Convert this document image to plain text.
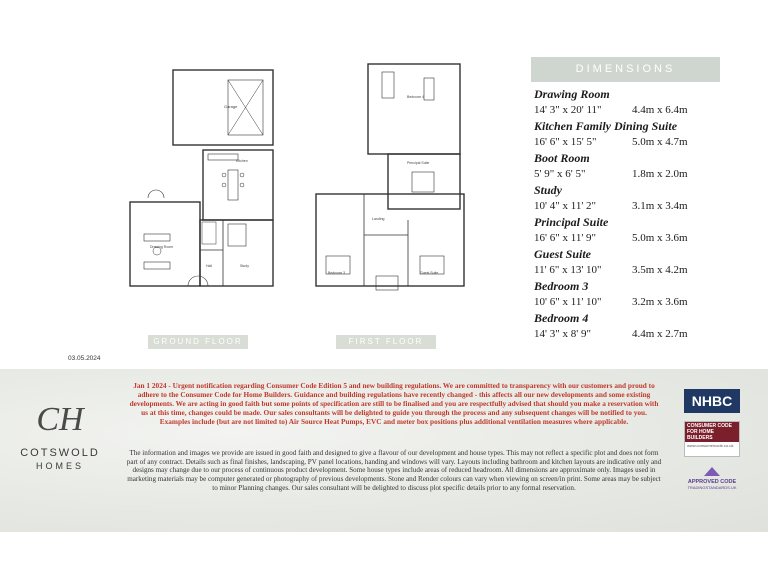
Garage
Kitchen
Drawing Room
Hall	Study
GROUND FLOOR
Bedroom 4
Principal Suite
Bedroom 3	Guest Suite
Landing
FIRST FLOOR
DIMENSIONS
Drawing Room
14' 3" x 20' 11"	4.4m x 6.4m
Kitchen Family Dining Suite
16' 6" x 15' 5"	5.0m x 4.7m
Boot Room
5' 9" x 6' 5"	1.8m x 2.0m
Study
10' 4" x 11' 2"	3.1m x 3.4m
Principal Suite
16' 6" x 11' 9"	5.0m x 3.6m
Guest Suite
11' 6" x 13' 10"	3.5m x 4.2m
Bedroom 3
10' 6" x 11' 10"	3.2m x 3.6m
Bedroom 4
14' 3" x 8' 9"	4.4m x 2.7m
03.05.2024
CH
COTSWOLD
HOMES
Jan 1 2024 - Urgent notification regarding Consumer Code Edition 5 and new building regulations. We are committed to transparency with our customers and proud to adhere to the Consumer Code for Home Builders. Guidance and building regulations have recently changed - this affects all our new developments and some existing developments. We are acting in good faith but some points of specification are still to be finalised and you are respectfully advised that should you make a reservation with us at this time, changes could be made. Our sales consultants will be delighted to guide you through the process and any subsequent changes will be notified to you. Examples include (but are not limited to) Air Source Heat Pumps, EVC and meter box positions plus additional ventilation measures where applicable.
The information and images we provide are issued in good faith and designed to give a flavour of our development and house types. This may not reflect a specific plot and does not form part of any contract. Details such as final finishes, landscaping, PV panel locations, handing and windows will vary. Layouts including bathroom and kitchen layouts are indicative only and designs may change due to our process of continuous product development. Some house types include areas of reduced headroom. All dimensions are approximate only. Images used in marketing materials may be computer generated or photography of previous developments. Stone and Render colours can vary when viewing on screen/in print. Some areas may be subject to minor Planning changes. Our sales consultant will be delighted to discuss plot specific details prior to any formal reservation.
NHBC
CONSUMER CODE FOR HOME BUILDERS
www.consumercode.co.uk
APPROVED CODE
TRADINGSTANDARDS.UK
